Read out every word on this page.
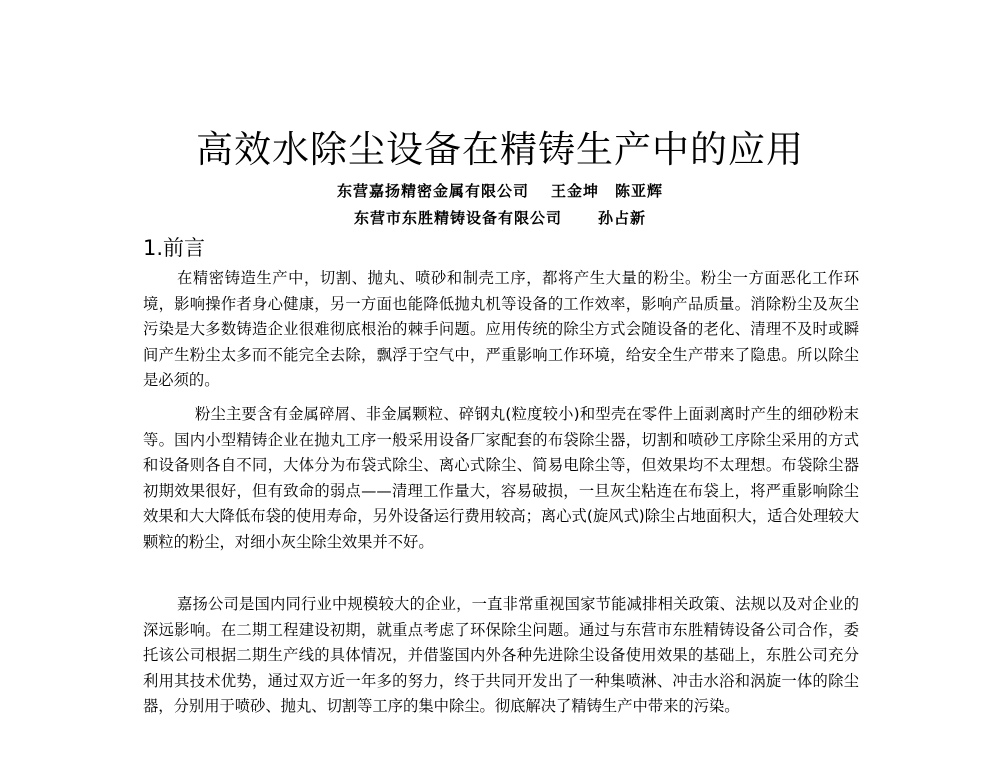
高效水除尘设备在精铸生产中的应用
东营嘉扬精密金属有限公司 王金坤　陈亚辉
东营市东胜精铸设备有限公司 孙占新
1.前言

在精密铸造生产中，切割、抛丸、喷砂和制壳工序，都将产生大量的粉尘。粉尘一方面恶化工作环境，影响操作者身心健康，另一方面也能降低抛丸机等设备的工作效率，影响产品质量。消除粉尘及灰尘污染是大多数铸造企业很难彻底根治的棘手问题。应用传统的除尘方式会随设备的老化、清理不及时或瞬间产生粉尘太多而不能完全去除，飘浮于空气中，严重影响工作环境，给安全生产带来了隐患。所以除尘是必须的。

粉尘主要含有金属碎屑、非金属颗粒、碎钢丸(粒度较小)和型壳在零件上面剥离时产生的细砂粉末等。国内小型精铸企业在抛丸工序一般采用设备厂家配套的布袋除尘器，切割和喷砂工序除尘采用的方式和设备则各自不同，大体分为布袋式除尘、离心式除尘、简易电除尘等，但效果均不太理想。布袋除尘器初期效果很好，但有致命的弱点——清理工作量大，容易破损，一旦灰尘粘连在布袋上，将严重影响除尘效果和大大降低布袋的使用寿命，另外设备运行费用较高；离心式(旋风式)除尘占地面积大，适合处理较大颗粒的粉尘，对细小灰尘除尘效果并不好。

嘉扬公司是国内同行业中规模较大的企业，一直非常重视国家节能减排相关政策、法规以及对企业的深远影响。在二期工程建设初期，就重点考虑了环保除尘问题。通过与东营市东胜精铸设备公司合作，委托该公司根据二期生产线的具体情况，并借鉴国内外各种先进除尘设备使用效果的基础上，东胜公司充分利用其技术优势，通过双方近一年多的努力，终于共同开发出了一种集喷淋、冲击水浴和涡旋一体的除尘器，分别用于喷砂、抛丸、切割等工序的集中除尘。彻底解决了精铸生产中带来的污染。
